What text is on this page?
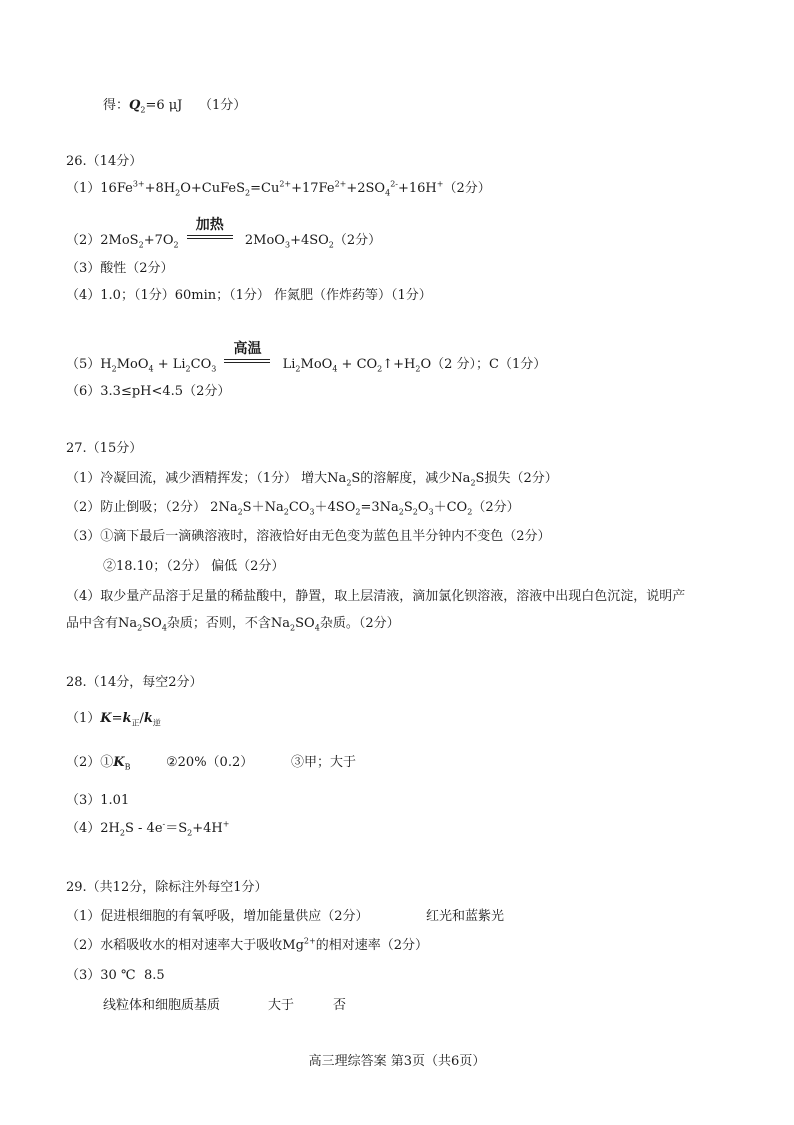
得：$Q_2=6$ μJ （1分）
26.（14分）
$(1)16Fe^{3+}+8H_2O+CuFeS_2=Cu^{2+}+17Fe^{2+}+2SO_4^{2-}+16H^+(2$分）
$(2)2MoS_2+7O_2$
加热
$2MoO_3+4SO_2(2$分）
（3）酸性（2分）
（4）1.0；（1分）60min；（1分） 作氮肥（作炸药等）（1分）
$(5)H_2MoO_4 + Li_2CO_3$
高温
$Li_2MoO_4$ + $CO_2↑+H_2O(2$ 分）；C（1分）
（6）3.3≤pH<4.5（2分）
27.（15分）
（1）冷凝回流，减少酒精挥发；（1分） 增大$Na_2S$的溶解度，减少$Na_2S$损失（2分）
（2）防止倒吸；（2分） $2Na_2S+Na_2CO_3+4SO_2=3Na_2S_2O_3+CO_2(2$分）
（3）①滴下最后一滴碘溶液时，溶液恰好由无色变为蓝色且半分钟内不变色（2分）
②18.10；（2分） 偏低（2分）
（4）取少量产品溶于足量的稀盐酸中，静置，取上层清液，滴加氯化钡溶液，溶液中出现白色沉淀，说明产
品中含有$Na_2SO_4$杂质；否则，不含$Na_2SO_4$杂质。（2分）
28.（14分，每空2分）
$(1)K=k_正/k_逆$
$(2)①K_B$	②20%（0.2）	③甲；大于
（3）1.01
$(4)2H_2S - 4e^-=S_2+4H^+$
29.（共12分，除标注外每空1分）
（1）促进根细胞的有氧呼吸，增加能量供应（2分）	红光和蓝紫光
（2）水稻吸收水的相对速率大于吸收$Mg^{2+}$的相对速率（2分）
（3）30 ℃ 8.5
线粒体和细胞质基质	大于	否
高三理综答案 第3页（共6页）
